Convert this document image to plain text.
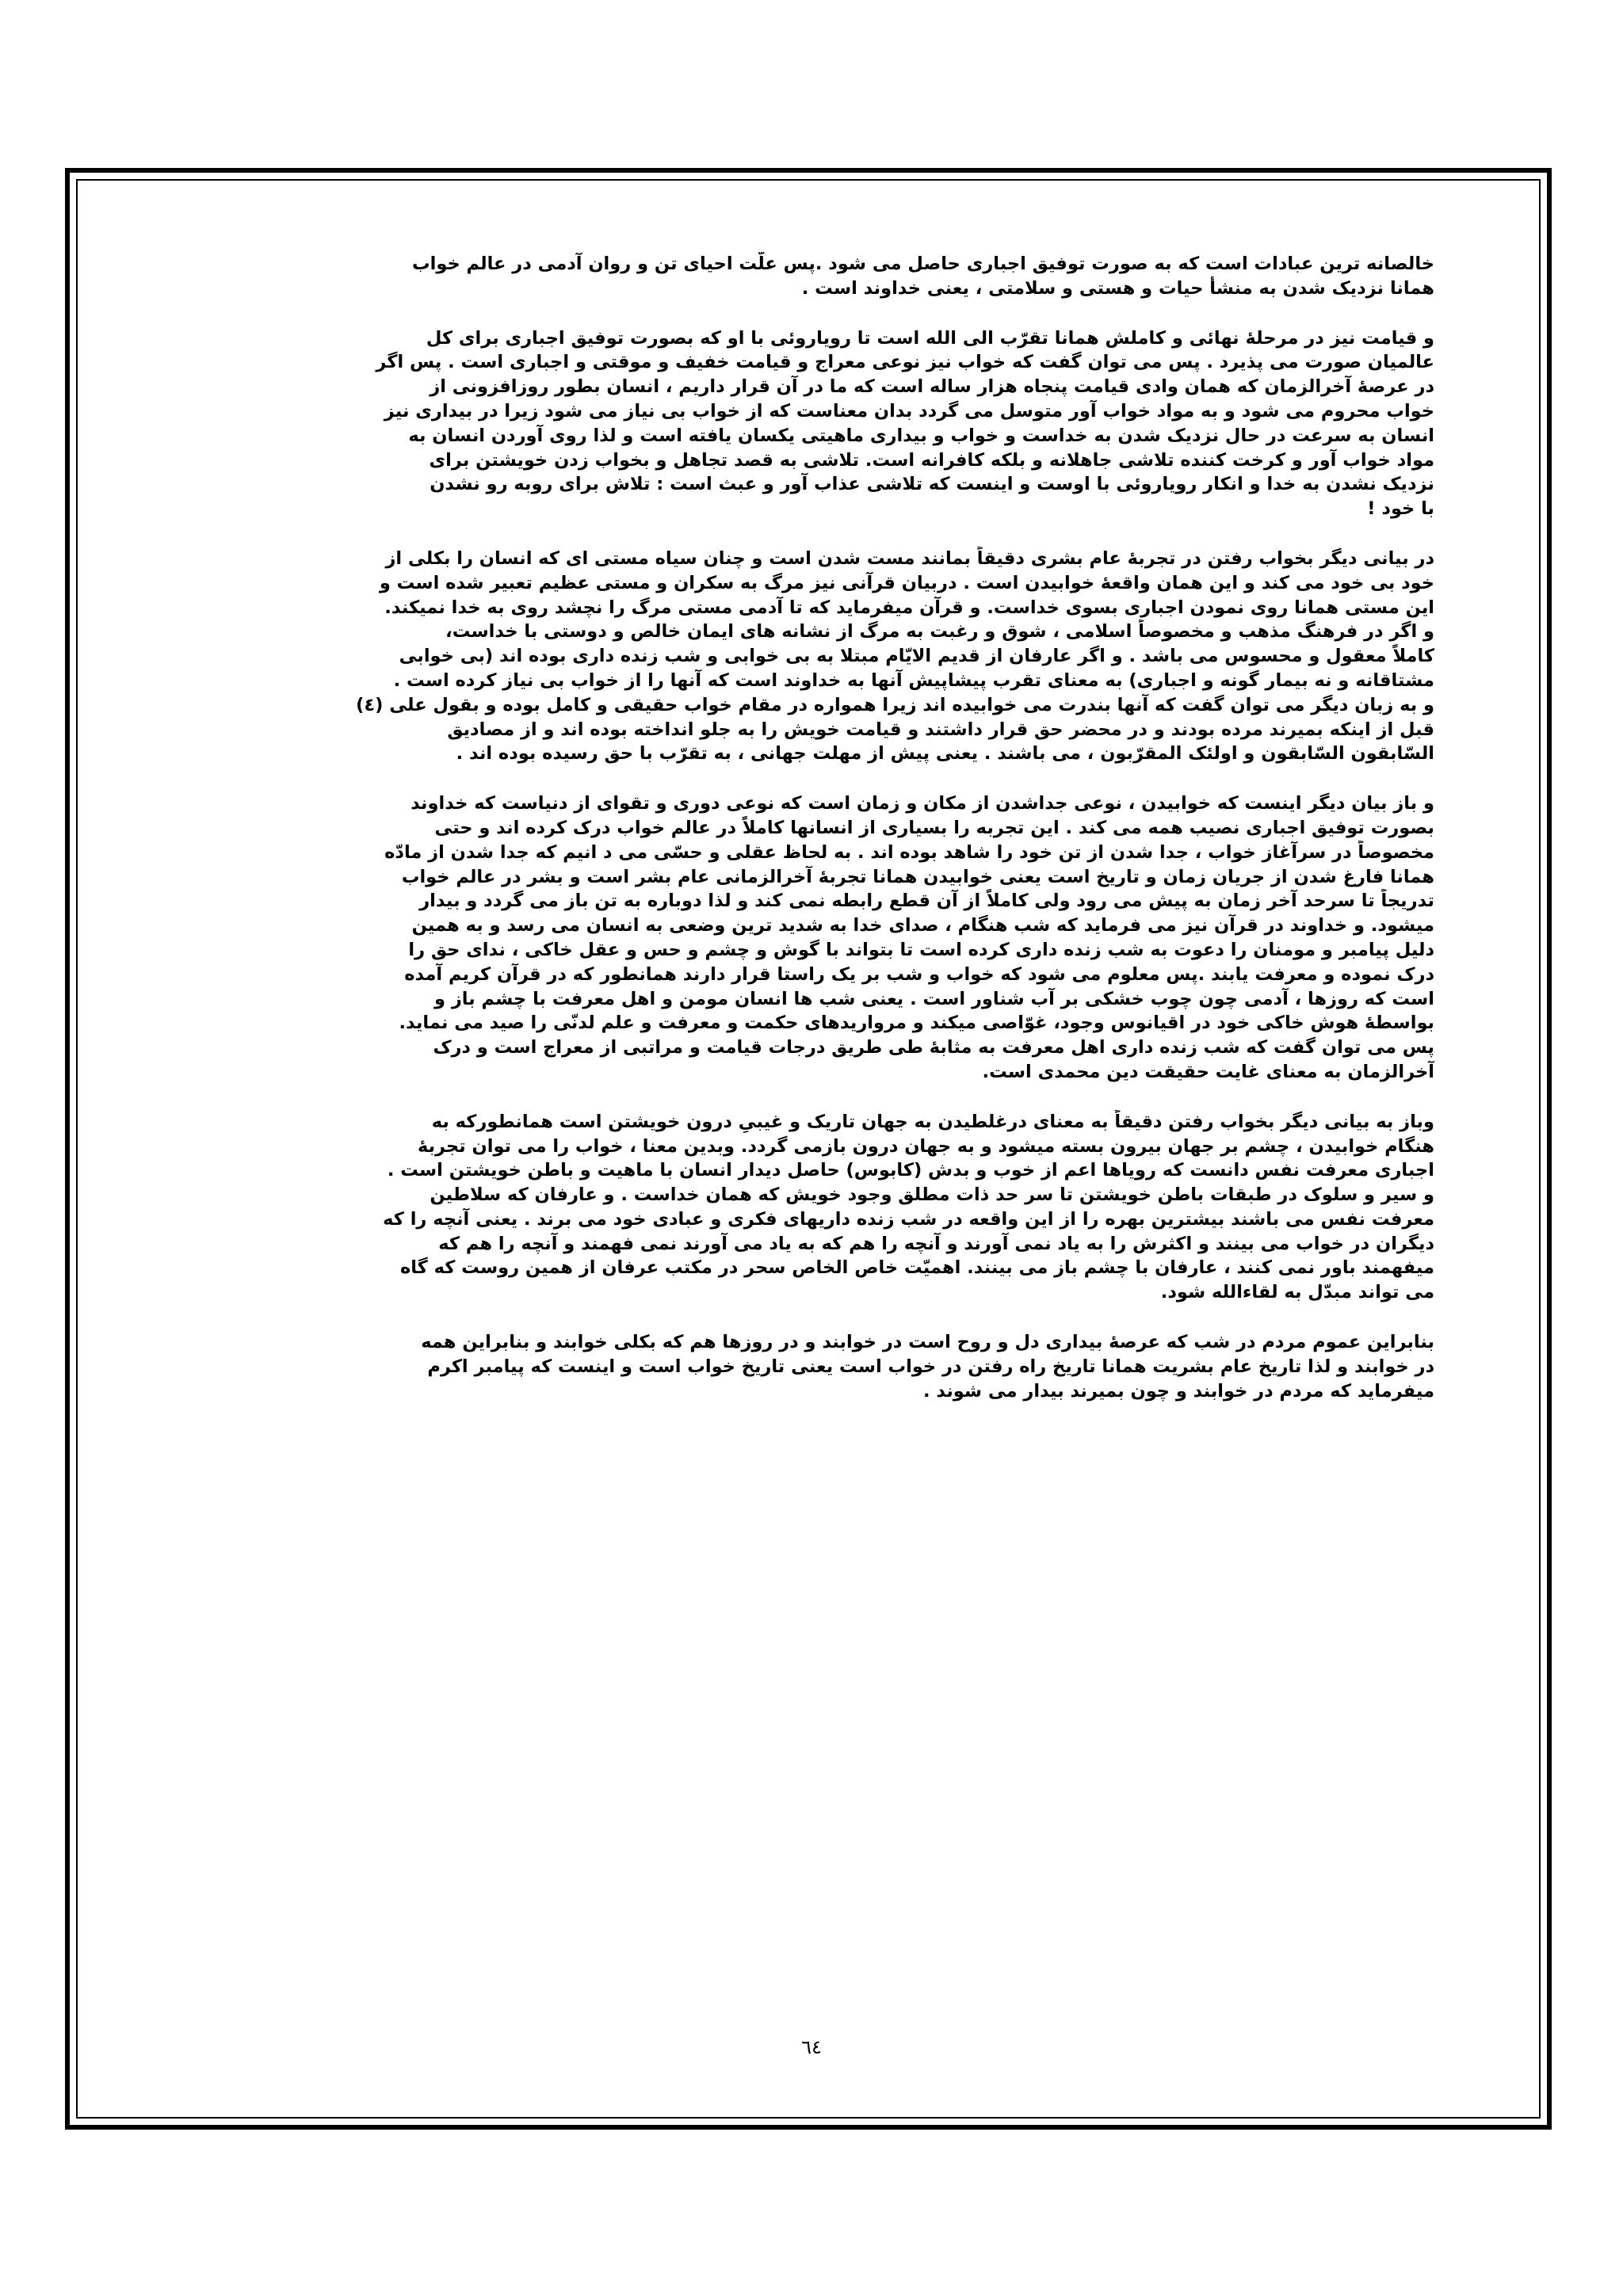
خالصانه ترین عبادات است که به صورت توفیق اجباری حاصل می شود .پس علّت احیای تن و روان آدمی در عالم خواب
همانا نزدیک شدن به منشأ حیات و هستی و سلامتی ، یعنی خداوند است .
و قیامت نیز در مرحلهٔ نهائی و کاملش همانا تقرّب الی الله است تا رویاروئی با او که بصورت توفیق اجباری برای کل
عالمیان صورت می پذیرد . پس می توان گفت که خواب نیز نوعی معراج و قیامت خفیف و موقتی و اجباری است . پس اگر
در عرصهٔ آخرالزمان که همان وادی قیامت پنجاه هزار ساله است که ما در آن قرار داریم ، انسان بطور روزافزونی از
خواب محروم می شود و به مواد خواب آور متوسل می گردد بدان معناست که از خواب بی نیاز می شود زیرا در بیداری نیز
انسان به سرعت در حال نزدیک شدن به خداست و خواب و بیداری ماهیتی یکسان یافته است و لذا روی آوردن انسان به
مواد خواب آور و کرخت کننده تلاشی جاهلانه و بلکه کافرانه است. تلاشی به قصد تجاهل و بخواب زدن خویشتن برای
نزدیک نشدن به خدا و انکار رویاروئی با اوست و اینست که تلاشی عذاب آور و عبث است : تلاش برای روبه رو نشدن
با خود !
در بیانی دیگر بخواب رفتن در تجربهٔ عام بشری دقیقاً بمانند مست شدن است و چنان سیاه مستی ای که انسان را بکلی از
خود بی خود می کند و این همان واقعهٔ خوابیدن است . دربیان قرآنی نیز مرگ به سکران و مستی عظیم تعبیر شده است و
این مستی همانا روی نمودن اجباری بسوی خداست. و قرآن میفرماید که تا آدمی مستی مرگ را نچشد روی به خدا نمیکند.
و اگر در فرهنگ مذهب و مخصوصاً اسلامی ، شوق و رغبت به مرگ از نشانه های ایمان خالص و دوستی با خداست،
کاملاً معقول و محسوس می باشد . و اگر عارفان از قدیم الایّام مبتلا به بی خوابی و شب زنده داری بوده اند (بی خوابی
مشتاقانه و نه بیمار گونه و اجباری) به معنای تقرب پیشاپیش آنها به خداوند است که آنها را از خواب بی نیاز کرده است .
و به زبان دیگر می توان گفت که آنها بندرت می خوابیده اند زیرا همواره در مقام خواب حقیقی و کامل بوده و بقول علی (٤)
قبل از اینکه بمیرند مرده بودند و در محضر حق قرار داشتند و قیامت خویش را به جلو انداخته بوده اند و از مصادیق
السّابقون السّابقون و اولئک المقرّبون ، می باشند . یعنی پیش از مهلت جهانی ، به تقرّب با حق رسیده بوده اند .
و باز بیان دیگر اینست که خوابیدن ، نوعی جداشدن از مکان و زمان است که نوعی دوری و تقوای از دنیاست که خداوند
بصورت توفیق اجباری نصیب همه می کند . این تجربه را بسیاری از انسانها کاملاً در عالم خواب درک کرده اند و حتی
مخصوصاً در سرآغاز خواب ، جدا شدن از تن خود را شاهد بوده اند . به لحاظ عقلی و حسّی می د انیم که جدا شدن از مادّه
همانا فارغ شدن از جریان زمان و تاریخ است یعنی خوابیدن همانا تجربهٔ آخرالزمانی عام بشر است و بشر در عالم خواب
تدریجاً تا سرحد آخر زمان به پیش می رود ولی کاملاً از آن قطع رابطه نمی کند و لذا دوباره به تن باز می گردد و بیدار
میشود. و خداوند در قرآن نیز می فرماید که شب هنگام ، صدای خدا به شدید ترین وضعی به انسان می رسد و به همین
دلیل پیامبر و مومنان را دعوت به شب زنده داری کرده است تا بتواند با گوش و چشم و حس و عقل خاکی ، ندای حق را
درک نموده و معرفت یابند .پس معلوم می شود که خواب و شب بر یک راستا قرار دارند همانطور که در قرآن کریم آمده
است که روزها ، آدمی چون چوب خشکی بر آب شناور است . یعنی شب ها انسان مومن و اهل معرفت با چشم باز و
بواسطهٔ هوش خاکی خود در اقیانوس وجود، غوّاصی میکند و مرواریدهای حکمت و معرفت و علم لدنّی را صید می نماید.
پس می توان گفت که شب زنده داری اهل معرفت به مثابهٔ طی طریق درجات قیامت و مراتبی از معراج است و درک
آخرالزمان به معنای غایت حقیقت دین محمدی است.
وباز به بیانی دیگر بخواب رفتن دقیقاً به معنای درغلطیدن به جهان تاریک و غیبیِ درون خویشتن است همانطورکه به
هنگام خوابیدن ، چشم بر جهان بیرون بسته میشود و به جهان درون بازمی گردد. وبدین معنا ، خواب را می توان تجربهٔ
اجباری معرفت نفس دانست که رویاها اعم از خوب و بدش (کابوس) حاصل دیدار انسان با ماهیت و باطن خویشتن است .
و سیر و سلوک در طبقات باطن خویشتن تا سر حد ذات مطلق وجود خویش که همان خداست . و عارفان که سلاطین
معرفت نفس می باشند بیشترین بهره را از این واقعه در شب زنده داریهای فکری و عبادی خود می برند . یعنی آنچه را که
دیگران در خواب می بینند و اکثرش را به یاد نمی آورند و آنچه را هم که به یاد می آورند نمی فهمند و آنچه را هم که
میفهمند باور نمی کنند ، عارفان با چشم باز می بینند. اهمیّت خاص الخاص سحر در مکتب عرفان از همین روست که گاه
می تواند مبدّل به لقاءالله شود.
بنابراین عموم مردم در شب که عرصهٔ بیداری دل و روح است در خوابند و در روزها هم که بکلی خوابند و بنابراین همه
در خوابند و لذا تاریخ عام بشریت همانا تاریخ راه رفتن در خواب است یعنی تاریخ خواب است و اینست که پیامبر اکرم
میفرماید که مردم در خوابند و چون بمیرند بیدار می شوند .
٦٤
